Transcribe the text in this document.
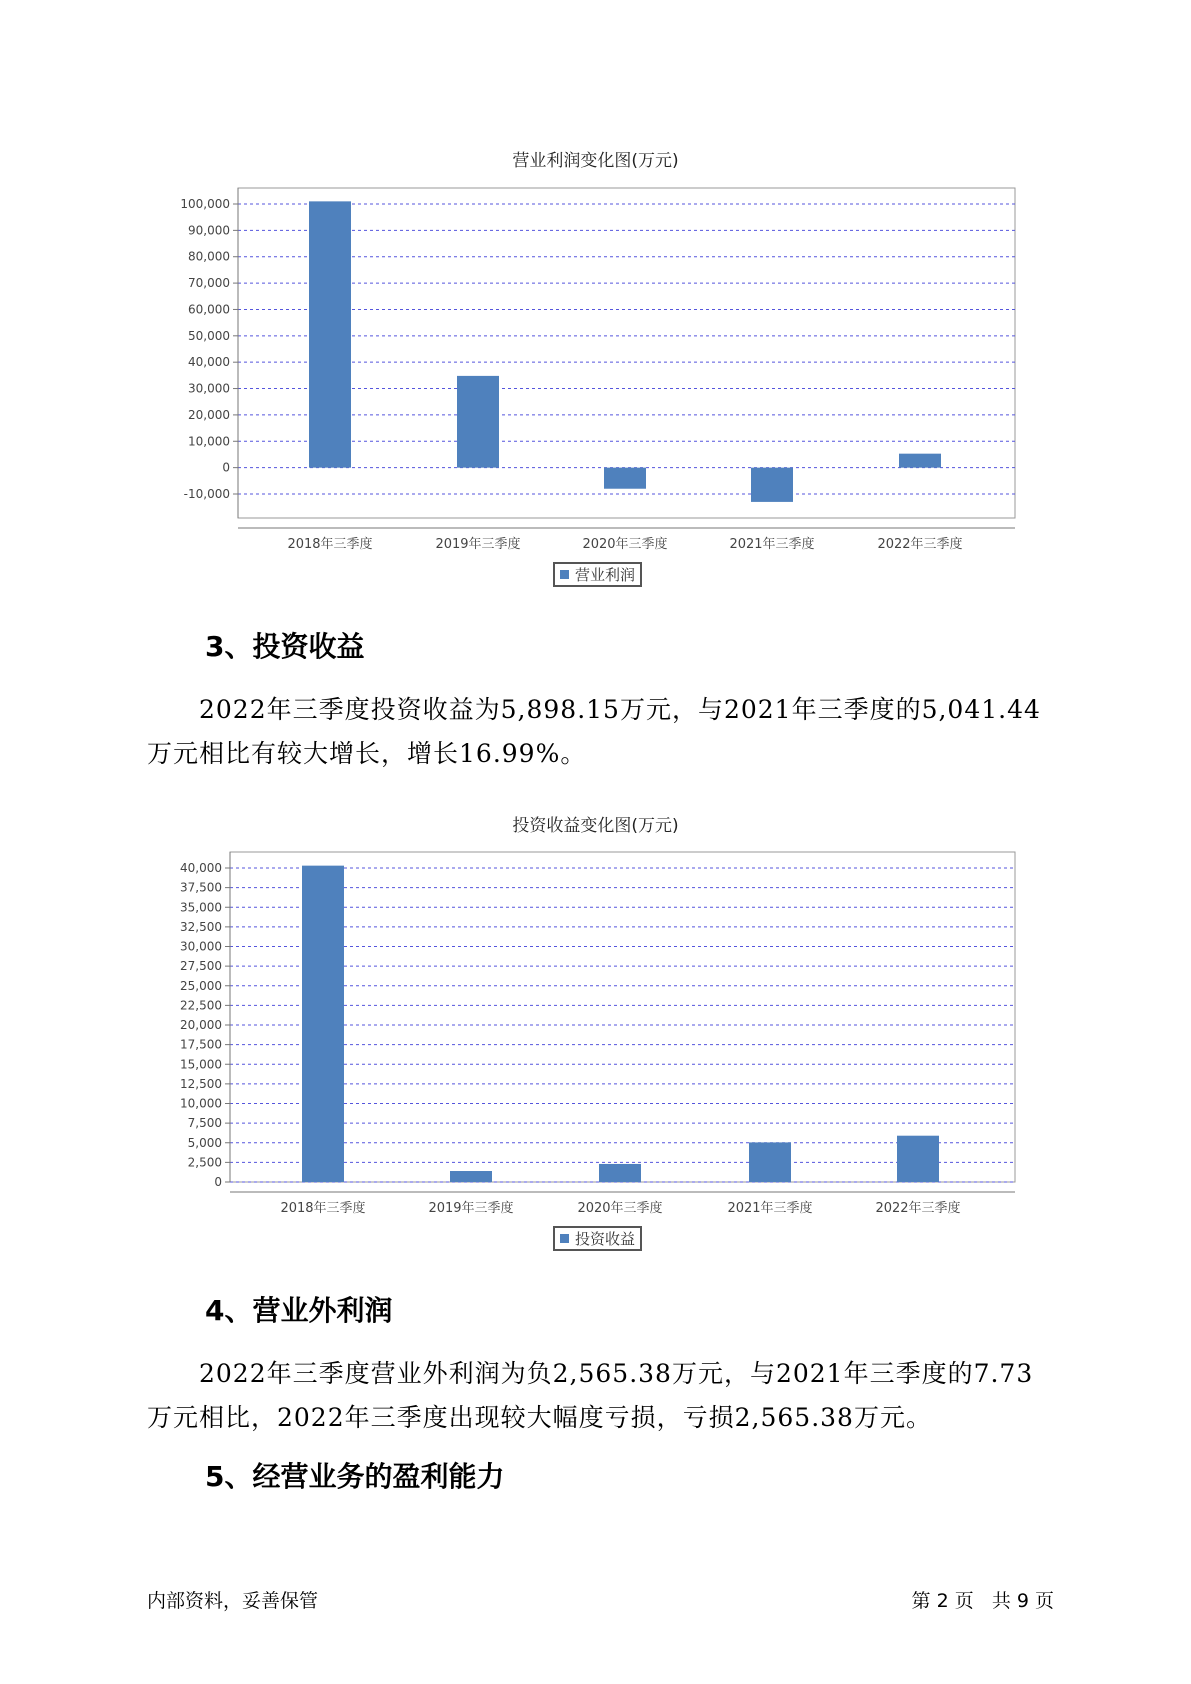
营业利润变化图(万元)
-10,000
0
10,000
20,000
30,000
40,000
50,000
60,000
70,000
80,000
90,000
100,000
2018年三季度	2019年三季度	2020年三季度	2021年三季度	2022年三季度
营业利润
3、投资收益
2022年三季度投资收益为5,898.15万元，与2021年三季度的5,041.44
万元相比有较大增长，增长16.99%。
投资收益变化图(万元)
0
2,500
5,000
7,500
10,000
12,500
15,000
17,500
20,000
22,500
25,000
27,500
30,000
32,500
35,000
37,500
40,000
2018年三季度	2019年三季度	2020年三季度	2021年三季度	2022年三季度
投资收益
4、营业外利润
2022年三季度营业外利润为负2,565.38万元，与2021年三季度的7.73
万元相比，2022年三季度出现较大幅度亏损，亏损2,565.38万元。
5、经营业务的盈利能力
内部资料，妥善保管	第 2 页   共 9 页
